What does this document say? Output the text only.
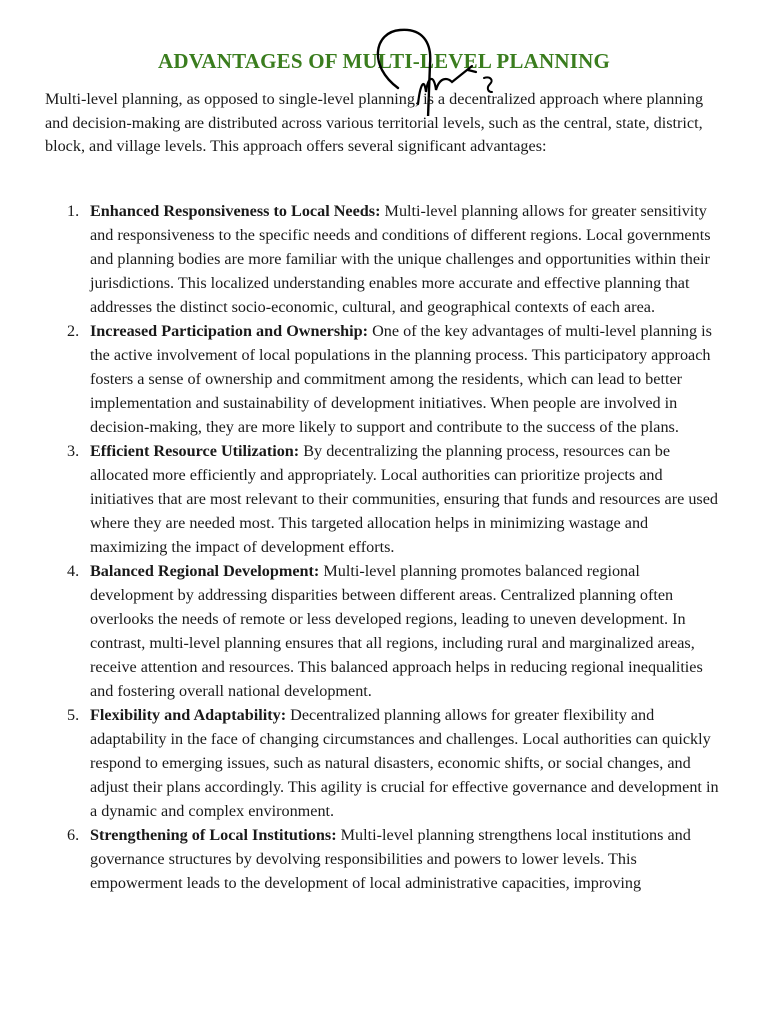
ADVANTAGES OF MULTI-LEVEL PLANNING

Multi-level planning, as opposed to single-level planning, is a decentralized approach where planning and decision-making are distributed across various territorial levels, such as the central, state, district, block, and village levels. This approach offers several significant advantages:

1. Enhanced Responsiveness to Local Needs: Multi-level planning allows for greater sensitivity and responsiveness to the specific needs and conditions of different regions. Local governments and planning bodies are more familiar with the unique challenges and opportunities within their jurisdictions. This localized understanding enables more accurate and effective planning that addresses the distinct socio-economic, cultural, and geographical contexts of each area.
2. Increased Participation and Ownership: One of the key advantages of multi-level planning is the active involvement of local populations in the planning process. This participatory approach fosters a sense of ownership and commitment among the residents, which can lead to better implementation and sustainability of development initiatives. When people are involved in decision-making, they are more likely to support and contribute to the success of the plans.
3. Efficient Resource Utilization: By decentralizing the planning process, resources can be allocated more efficiently and appropriately. Local authorities can prioritize projects and initiatives that are most relevant to their communities, ensuring that funds and resources are used where they are needed most. This targeted allocation helps in minimizing wastage and maximizing the impact of development efforts.
4. Balanced Regional Development: Multi-level planning promotes balanced regional development by addressing disparities between different areas. Centralized planning often overlooks the needs of remote or less developed regions, leading to uneven development. In contrast, multi-level planning ensures that all regions, including rural and marginalized areas, receive attention and resources. This balanced approach helps in reducing regional inequalities and fostering overall national development.
5. Flexibility and Adaptability: Decentralized planning allows for greater flexibility and adaptability in the face of changing circumstances and challenges. Local authorities can quickly respond to emerging issues, such as natural disasters, economic shifts, or social changes, and adjust their plans accordingly. This agility is crucial for effective governance and development in a dynamic and complex environment.
6. Strengthening of Local Institutions: Multi-level planning strengthens local institutions and governance structures by devolving responsibilities and powers to lower levels. This empowerment leads to the development of local administrative capacities, improving
